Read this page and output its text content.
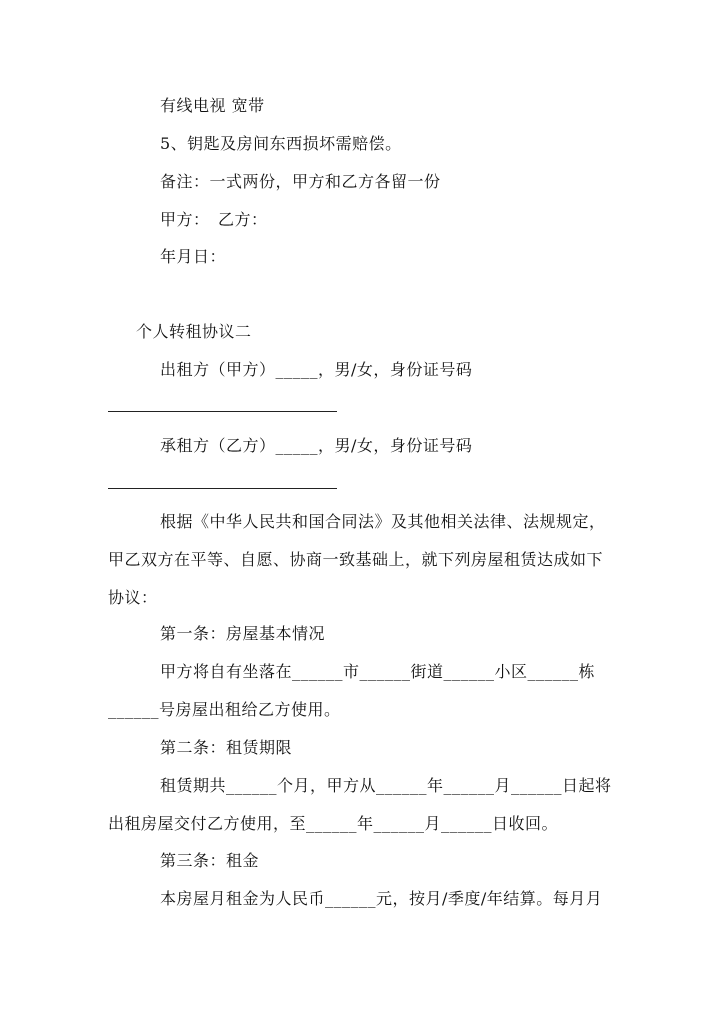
有线电视 宽带
5、钥匙及房间东西损坏需赔偿。
备注：一式两份，甲方和乙方各留一份
甲方：　乙方：
年月日：
个人转租协议二
出租方（甲方）_____，男/女，身份证号码
承租方（乙方）_____，男/女，身份证号码
根据《中华人民共和国合同法》及其他相关法律、法规规定，
甲乙双方在平等、自愿、协商一致基础上，就下列房屋租赁达成如下
协议：
第一条：房屋基本情况
甲方将自有坐落在______市______街道______小区______栋
______号房屋出租给乙方使用。
第二条：租赁期限
租赁期共______个月，甲方从______年______月______日起将
出租房屋交付乙方使用，至______年______月______日收回。
第三条：租金
本房屋月租金为人民币______元，按月/季度/年结算。每月月
